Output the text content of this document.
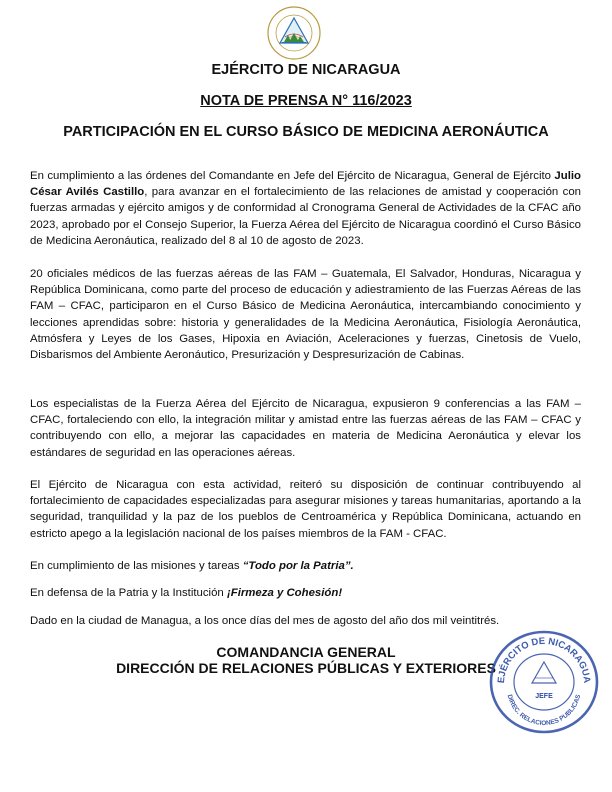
EJÉRCITO DE NICARAGUA
NOTA DE PRENSA N° 116/2023
PARTICIPACIÓN EN EL CURSO BÁSICO DE MEDICINA AERONÁUTICA

En cumplimiento a las órdenes del Comandante en Jefe del Ejército de Nicaragua, General de Ejército Julio César Avilés Castillo, para avanzar en el fortalecimiento de las relaciones de amistad y cooperación con fuerzas armadas y ejército amigos y de conformidad al Cronograma General de Actividades de la CFAC año 2023, aprobado por el Consejo Superior, la Fuerza Aérea del Ejército de Nicaragua coordinó el Curso Básico de Medicina Aeronáutica, realizado del 8 al 10 de agosto de 2023.

20 oficiales médicos de las fuerzas aéreas de las FAM – Guatemala, El Salvador, Honduras, Nicaragua y República Dominicana, como parte del proceso de educación y adiestramiento de las Fuerzas Aéreas de las FAM – CFAC, participaron en el Curso Básico de Medicina Aeronáutica, intercambiando conocimiento y lecciones aprendidas sobre: historia y generalidades de la Medicina Aeronáutica, Fisiología Aeronáutica, Atmósfera y Leyes de los Gases, Hipoxia en Aviación, Aceleraciones y fuerzas, Cinetosis de Vuelo, Disbarismos del Ambiente Aeronáutico, Presurización y Despresurización de Cabinas.

Los especialistas de la Fuerza Aérea del Ejército de Nicaragua, expusieron 9 conferencias a las FAM – CFAC, fortaleciendo con ello, la integración militar y amistad entre las fuerzas aéreas de las FAM – CFAC y contribuyendo con ello, a mejorar las capacidades en materia de Medicina Aeronáutica y elevar los estándares de seguridad en las operaciones aéreas.

El Ejército de Nicaragua con esta actividad, reiteró su disposición de continuar contribuyendo al fortalecimiento de capacidades especializadas para asegurar misiones y tareas humanitarias, aportando a la seguridad, tranquilidad y la paz de los pueblos de Centroamérica y República Dominicana, actuando en estricto apego a la legislación nacional de los países miembros de la FAM - CFAC.

En cumplimiento de las misiones y tareas “Todo por la Patria”.

En defensa de la Patria y la Institución ¡Firmeza y Cohesión!

Dado en la ciudad de Managua, a los once días del mes de agosto del año dos mil veintitrés.

COMANDANCIA GENERAL
DIRECCIÓN DE RELACIONES PÚBLICAS Y EXTERIORES
EJÉRCITO DE NICARAGUA
DIREC. RELACIONES PUBLICAS
JEFE
